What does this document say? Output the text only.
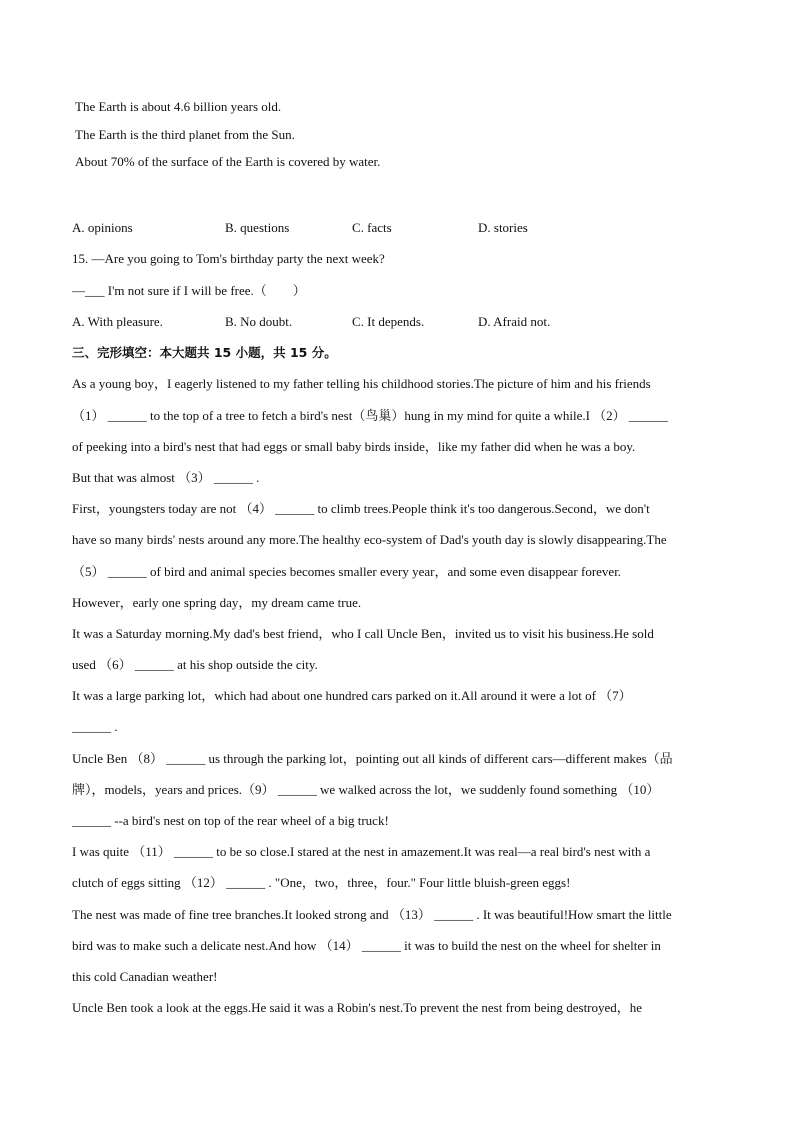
The Earth is about 4.6 billion years old.
The Earth is the third planet from the Sun.
About 70% of the surface of the Earth is covered by water.
A. opinions	B. questions	C. facts	D. stories
15. —Are you going to Tom's birthday party the next week?
—___ I'm not sure if I will be free.（　　）
A. With pleasure.	B. No doubt.	C. It depends.	D. Afraid not.
三、完形填空：本大题共 15 小题，共 15 分。
As a young boy，I eagerly listened to my father telling his childhood stories.The picture of him and his friends
（1） ______ to the top of a tree to fetch a bird's nest（鸟巢）hung in my mind for quite a while.I （2） ______
of peeking into a bird's nest that had eggs or small baby birds inside，like my father did when he was a boy.
But that was almost （3） ______ .
First，youngsters today are not （4） ______ to climb trees.People think it's too dangerous.Second，we don't
have so many birds' nests around any more.The healthy eco-system of Dad's youth day is slowly disappearing.The
（5） ______ of bird and animal species becomes smaller every year，and some even disappear forever.
However，early one spring day，my dream came true.
It was a Saturday morning.My dad's best friend，who I call Uncle Ben，invited us to visit his business.He sold
used （6） ______ at his shop outside the city.
It was a large parking lot，which had about one hundred cars parked on it.All around it were a lot of （7）
______ .
Uncle Ben （8） ______ us through the parking lot，pointing out all kinds of different cars—different makes（品
牌），models，years and prices.（9） ______ we walked across the lot，we suddenly found something （10）
______ --a bird's nest on top of the rear wheel of a big truck!
I was quite （11） ______ to be so close.I stared at the nest in amazement.It was real—a real bird's nest with a
clutch of eggs sitting （12） ______ . "One，two，three，four." Four little bluish-green eggs!
The nest was made of fine tree branches.It looked strong and （13） ______ . It was beautiful!How smart the little
bird was to make such a delicate nest.And how （14） ______ it was to build the nest on the wheel for shelter in
this cold Canadian weather!
Uncle Ben took a look at the eggs.He said it was a Robin's nest.To prevent the nest from being destroyed，he
